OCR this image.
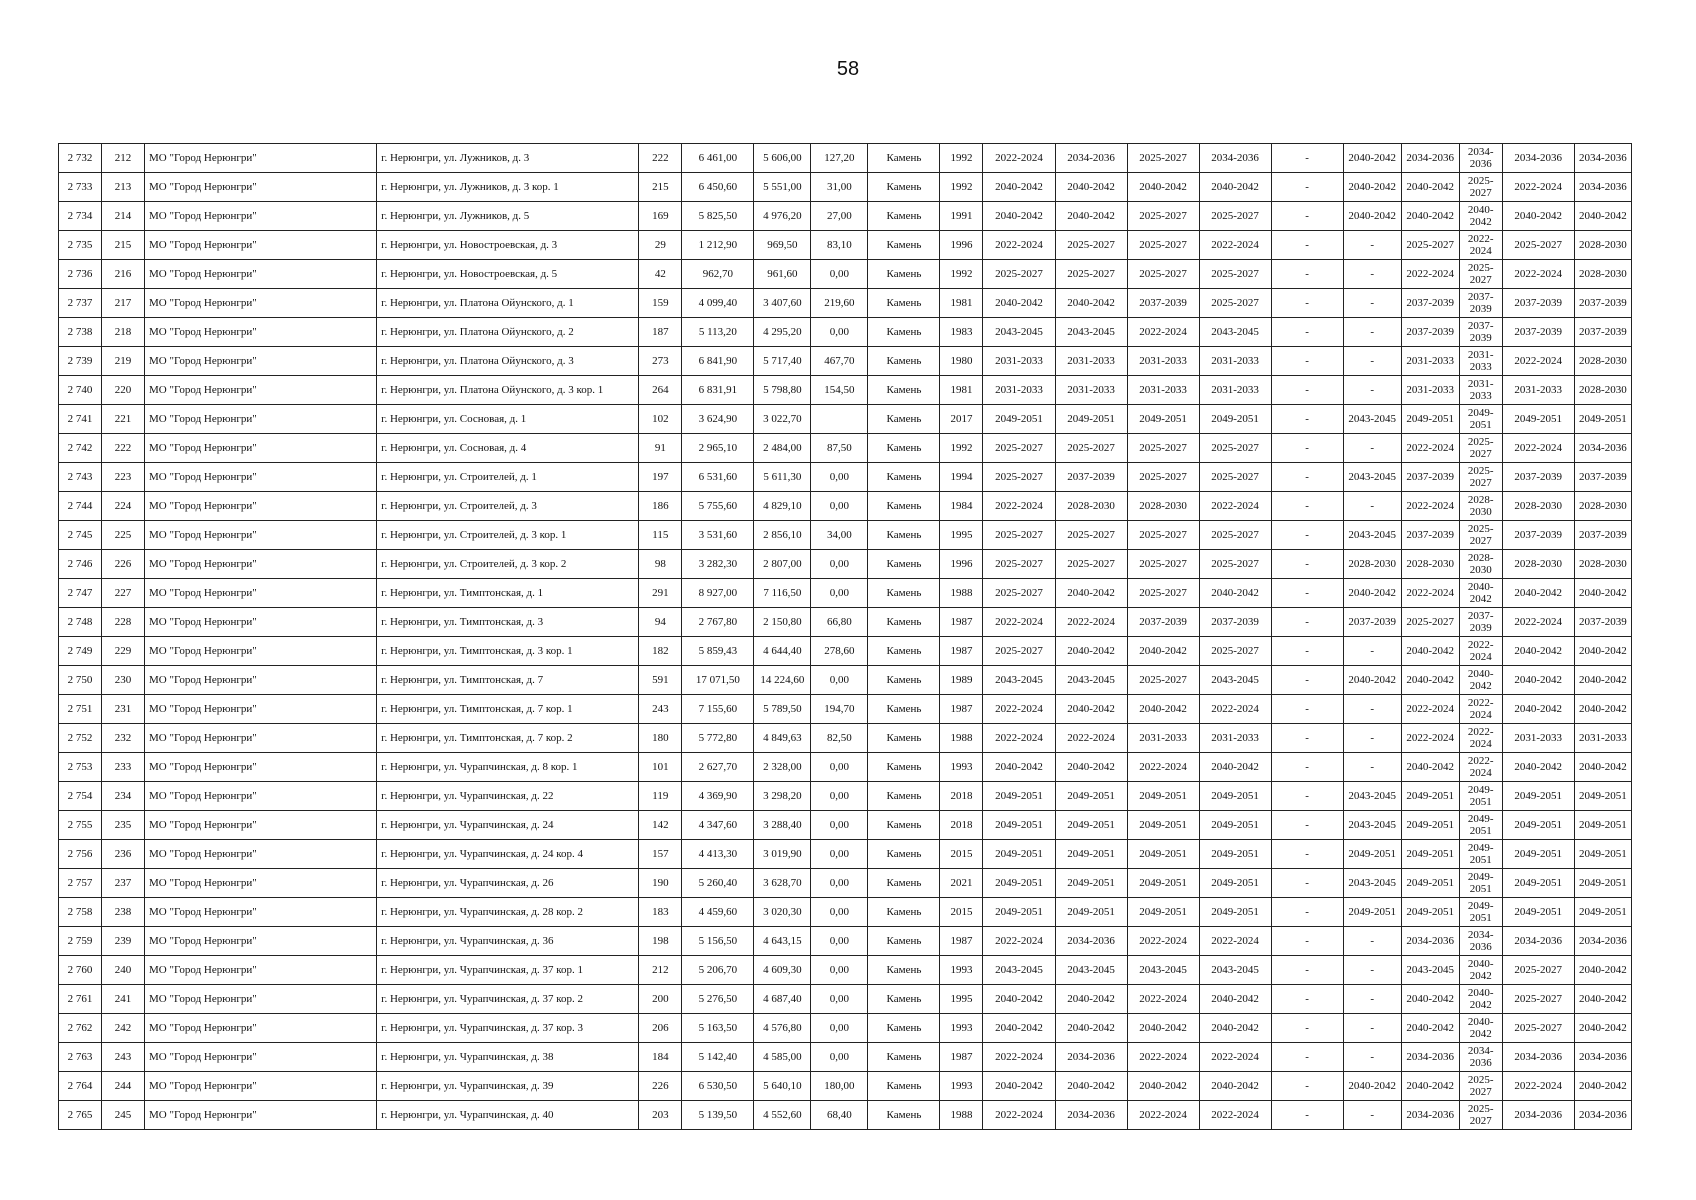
58
2 732	212	МО "Город Нерюнгри"	г. Нерюнгри, ул. Лужников, д. 3	222	6 461,00	5 606,00	127,20	Камень	1992	2022-2024	2034-2036	2025-2027	2034-2036	-	2040-2042	2034-2036	2034-2036	2034-2036	2034-2036
2 733	213	МО "Город Нерюнгри"	г. Нерюнгри, ул. Лужников, д. 3 кор. 1	215	6 450,60	5 551,00	31,00	Камень	1992	2040-2042	2040-2042	2040-2042	2040-2042	-	2040-2042	2040-2042	2025-2027	2022-2024	2034-2036
2 734	214	МО "Город Нерюнгри"	г. Нерюнгри, ул. Лужников, д. 5	169	5 825,50	4 976,20	27,00	Камень	1991	2040-2042	2040-2042	2025-2027	2025-2027	-	2040-2042	2040-2042	2040-2042	2040-2042	2040-2042
2 735	215	МО "Город Нерюнгри"	г. Нерюнгри, ул. Новостроевская, д. 3	29	1 212,90	969,50	83,10	Камень	1996	2022-2024	2025-2027	2025-2027	2022-2024	-	-	2025-2027	2022-2024	2025-2027	2028-2030
2 736	216	МО "Город Нерюнгри"	г. Нерюнгри, ул. Новостроевская, д. 5	42	962,70	961,60	0,00	Камень	1992	2025-2027	2025-2027	2025-2027	2025-2027	-	-	2022-2024	2025-2027	2022-2024	2028-2030
2 737	217	МО "Город Нерюнгри"	г. Нерюнгри, ул. Платона Ойунского, д. 1	159	4 099,40	3 407,60	219,60	Камень	1981	2040-2042	2040-2042	2037-2039	2025-2027	-	-	2037-2039	2037-2039	2037-2039	2037-2039
2 738	218	МО "Город Нерюнгри"	г. Нерюнгри, ул. Платона Ойунского, д. 2	187	5 113,20	4 295,20	0,00	Камень	1983	2043-2045	2043-2045	2022-2024	2043-2045	-	-	2037-2039	2037-2039	2037-2039	2037-2039
2 739	219	МО "Город Нерюнгри"	г. Нерюнгри, ул. Платона Ойунского, д. 3	273	6 841,90	5 717,40	467,70	Камень	1980	2031-2033	2031-2033	2031-2033	2031-2033	-	-	2031-2033	2031-2033	2022-2024	2028-2030
2 740	220	МО "Город Нерюнгри"	г. Нерюнгри, ул. Платона Ойунского, д. 3 кор. 1	264	6 831,91	5 798,80	154,50	Камень	1981	2031-2033	2031-2033	2031-2033	2031-2033	-	-	2031-2033	2031-2033	2031-2033	2028-2030
2 741	221	МО "Город Нерюнгри"	г. Нерюнгри, ул. Сосновая, д. 1	102	3 624,90	3 022,70		Камень	2017	2049-2051	2049-2051	2049-2051	2049-2051	-	2043-2045	2049-2051	2049-2051	2049-2051	2049-2051
2 742	222	МО "Город Нерюнгри"	г. Нерюнгри, ул. Сосновая, д. 4	91	2 965,10	2 484,00	87,50	Камень	1992	2025-2027	2025-2027	2025-2027	2025-2027	-	-	2022-2024	2025-2027	2022-2024	2034-2036
2 743	223	МО "Город Нерюнгри"	г. Нерюнгри, ул. Строителей, д. 1	197	6 531,60	5 611,30	0,00	Камень	1994	2025-2027	2037-2039	2025-2027	2025-2027	-	2043-2045	2037-2039	2025-2027	2037-2039	2037-2039
2 744	224	МО "Город Нерюнгри"	г. Нерюнгри, ул. Строителей, д. 3	186	5 755,60	4 829,10	0,00	Камень	1984	2022-2024	2028-2030	2028-2030	2022-2024	-	-	2022-2024	2028-2030	2028-2030	2028-2030
2 745	225	МО "Город Нерюнгри"	г. Нерюнгри, ул. Строителей, д. 3 кор. 1	115	3 531,60	2 856,10	34,00	Камень	1995	2025-2027	2025-2027	2025-2027	2025-2027	-	2043-2045	2037-2039	2025-2027	2037-2039	2037-2039
2 746	226	МО "Город Нерюнгри"	г. Нерюнгри, ул. Строителей, д. 3 кор. 2	98	3 282,30	2 807,00	0,00	Камень	1996	2025-2027	2025-2027	2025-2027	2025-2027	-	2028-2030	2028-2030	2028-2030	2028-2030	2028-2030
2 747	227	МО "Город Нерюнгри"	г. Нерюнгри, ул. Тимптонская, д. 1	291	8 927,00	7 116,50	0,00	Камень	1988	2025-2027	2040-2042	2025-2027	2040-2042	-	2040-2042	2022-2024	2040-2042	2040-2042	2040-2042
2 748	228	МО "Город Нерюнгри"	г. Нерюнгри, ул. Тимптонская, д. 3	94	2 767,80	2 150,80	66,80	Камень	1987	2022-2024	2022-2024	2037-2039	2037-2039	-	2037-2039	2025-2027	2037-2039	2022-2024	2037-2039
2 749	229	МО "Город Нерюнгри"	г. Нерюнгри, ул. Тимптонская, д. 3 кор. 1	182	5 859,43	4 644,40	278,60	Камень	1987	2025-2027	2040-2042	2040-2042	2025-2027	-	-	2040-2042	2022-2024	2040-2042	2040-2042
2 750	230	МО "Город Нерюнгри"	г. Нерюнгри, ул. Тимптонская, д. 7	591	17 071,50	14 224,60	0,00	Камень	1989	2043-2045	2043-2045	2025-2027	2043-2045	-	2040-2042	2040-2042	2040-2042	2040-2042	2040-2042
2 751	231	МО "Город Нерюнгри"	г. Нерюнгри, ул. Тимптонская, д. 7 кор. 1	243	7 155,60	5 789,50	194,70	Камень	1987	2022-2024	2040-2042	2040-2042	2022-2024	-	-	2022-2024	2022-2024	2040-2042	2040-2042
2 752	232	МО "Город Нерюнгри"	г. Нерюнгри, ул. Тимптонская, д. 7 кор. 2	180	5 772,80	4 849,63	82,50	Камень	1988	2022-2024	2022-2024	2031-2033	2031-2033	-	-	2022-2024	2022-2024	2031-2033	2031-2033
2 753	233	МО "Город Нерюнгри"	г. Нерюнгри, ул. Чурапчинская, д. 8 кор. 1	101	2 627,70	2 328,00	0,00	Камень	1993	2040-2042	2040-2042	2022-2024	2040-2042	-	-	2040-2042	2022-2024	2040-2042	2040-2042
2 754	234	МО "Город Нерюнгри"	г. Нерюнгри, ул. Чурапчинская, д. 22	119	4 369,90	3 298,20	0,00	Камень	2018	2049-2051	2049-2051	2049-2051	2049-2051	-	2043-2045	2049-2051	2049-2051	2049-2051	2049-2051
2 755	235	МО "Город Нерюнгри"	г. Нерюнгри, ул. Чурапчинская, д. 24	142	4 347,60	3 288,40	0,00	Камень	2018	2049-2051	2049-2051	2049-2051	2049-2051	-	2043-2045	2049-2051	2049-2051	2049-2051	2049-2051
2 756	236	МО "Город Нерюнгри"	г. Нерюнгри, ул. Чурапчинская, д. 24 кор. 4	157	4 413,30	3 019,90	0,00	Камень	2015	2049-2051	2049-2051	2049-2051	2049-2051	-	2049-2051	2049-2051	2049-2051	2049-2051	2049-2051
2 757	237	МО "Город Нерюнгри"	г. Нерюнгри, ул. Чурапчинская, д. 26	190	5 260,40	3 628,70	0,00	Камень	2021	2049-2051	2049-2051	2049-2051	2049-2051	-	2043-2045	2049-2051	2049-2051	2049-2051	2049-2051
2 758	238	МО "Город Нерюнгри"	г. Нерюнгри, ул. Чурапчинская, д. 28 кор. 2	183	4 459,60	3 020,30	0,00	Камень	2015	2049-2051	2049-2051	2049-2051	2049-2051	-	2049-2051	2049-2051	2049-2051	2049-2051	2049-2051
2 759	239	МО "Город Нерюнгри"	г. Нерюнгри, ул. Чурапчинская, д. 36	198	5 156,50	4 643,15	0,00	Камень	1987	2022-2024	2034-2036	2022-2024	2022-2024	-	-	2034-2036	2034-2036	2034-2036	2034-2036
2 760	240	МО "Город Нерюнгри"	г. Нерюнгри, ул. Чурапчинская, д. 37 кор. 1	212	5 206,70	4 609,30	0,00	Камень	1993	2043-2045	2043-2045	2043-2045	2043-2045	-	-	2043-2045	2040-2042	2025-2027	2040-2042
2 761	241	МО "Город Нерюнгри"	г. Нерюнгри, ул. Чурапчинская, д. 37 кор. 2	200	5 276,50	4 687,40	0,00	Камень	1995	2040-2042	2040-2042	2022-2024	2040-2042	-	-	2040-2042	2040-2042	2025-2027	2040-2042
2 762	242	МО "Город Нерюнгри"	г. Нерюнгри, ул. Чурапчинская, д. 37 кор. 3	206	5 163,50	4 576,80	0,00	Камень	1993	2040-2042	2040-2042	2040-2042	2040-2042	-	-	2040-2042	2040-2042	2025-2027	2040-2042
2 763	243	МО "Город Нерюнгри"	г. Нерюнгри, ул. Чурапчинская, д. 38	184	5 142,40	4 585,00	0,00	Камень	1987	2022-2024	2034-2036	2022-2024	2022-2024	-	-	2034-2036	2034-2036	2034-2036	2034-2036
2 764	244	МО "Город Нерюнгри"	г. Нерюнгри, ул. Чурапчинская, д. 39	226	6 530,50	5 640,10	180,00	Камень	1993	2040-2042	2040-2042	2040-2042	2040-2042	-	2040-2042	2040-2042	2025-2027	2022-2024	2040-2042
2 765	245	МО "Город Нерюнгри"	г. Нерюнгри, ул. Чурапчинская, д. 40	203	5 139,50	4 552,60	68,40	Камень	1988	2022-2024	2034-2036	2022-2024	2022-2024	-	-	2034-2036	2025-2027	2034-2036	2034-2036
